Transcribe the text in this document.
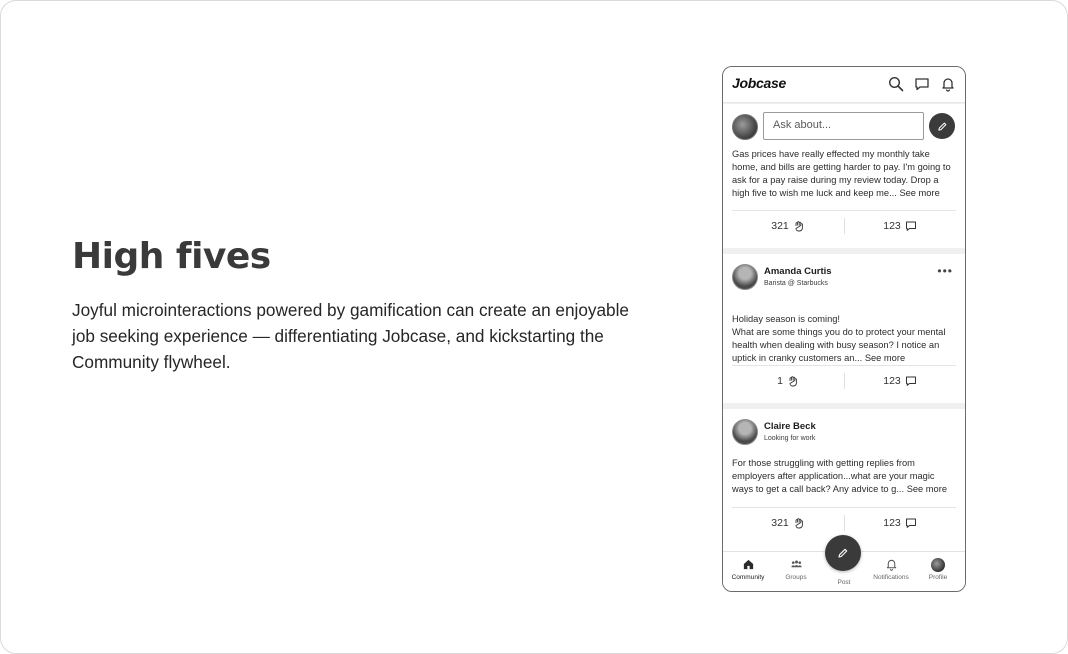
High fives

Joyful microinteractions powered by gamification can create an enjoyable job seeking experience — differentiating Jobcase, and kickstarting the Community flywheel.

Jobcase
Ask about...
Gas prices have really effected my monthly take home, and bills are getting harder to pay. I'm going to ask for a pay raise during my review today. Drop a high five to wish me luck and keep me... See more
321	123
Amanda Curtis
Barista @ Starbucks
•••

Holiday season is coming!
What are some things you do to protect your mental health when dealing with busy season? I notice an uptick in cranky customers an... See more

1	123
Claire Beck
Looking for work
For those struggling with getting replies from employers after application...what are your magic ways to get a call back? Any advice to g... See more
321	123
Community	Groups
Post
Notifications	Profile
